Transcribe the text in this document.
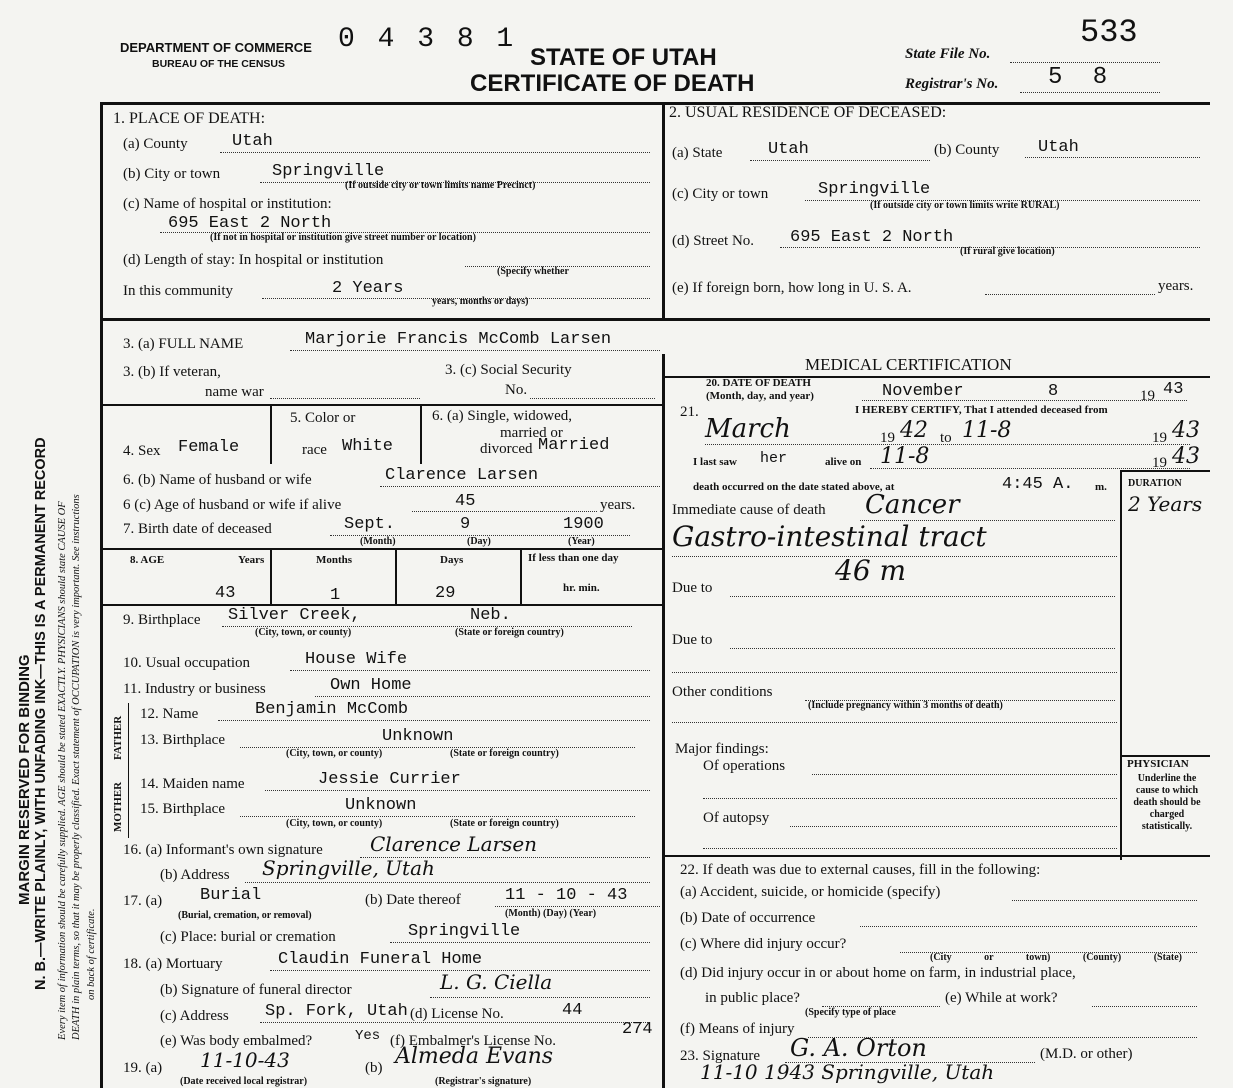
MARGIN RESERVED FOR BINDING N. B.—WRITE PLAINLY, WITH UNFADING INK—THIS IS A PERMANENT RECORD Every item of information should be carefully supplied. AGE should be stated EXACTLY. PHYSICIANS should state CAUSE OF DEATH in plain terms, so that it may be properly classified. Exact statement of OCCUPATION is very important. See instructions on back of certificate.
DEPARTMENT OF COMMERCE
BUREAU OF THE CENSUS
0 4 3 8 1
STATE OF UTAH
CERTIFICATE OF DEATH
State File No.
533
Registrar's No. 5 8
1. PLACE OF DEATH:
(a) County	Utah
(b) City or town	Springville
(If outside city or town limits name Precinct)
(c) Name of hospital or institution:
695 East 2 North
(If not in hospital or institution give street number or location)
(d) Length of stay: In hospital or institution
(Specify whether
In this community	2 Years
years, months or days)
2. USUAL RESIDENCE OF DECEASED:
(a) State	Utah	(b) County Utah
(c) City or town	Springville
(If outside city or town limits write RURAL)
(d) Street No. 695 East 2 North
(If rural give location)
(e) If foreign born, how long in U. S. A.	years.
3. (a) FULL NAME	Marjorie Francis McComb Larsen
3. (b) If veteran,
name war
3. (c) Social Security
No.
5. Color or
race White
6. (a) Single, widowed,
married or
divorced Married
4. Sex Female
6. (b) Name of husband or wife	Clarence Larsen
6 (c) Age of husband or wife if alive	45	years.
7. Birth date of deceased	Sept.	9	1900
(Month)	(Day)	(Year)
8. AGE	Years	Months	Days	If less than one day
43	1	29	hr. min.
9. Birthplace Silver Creek,	Neb.
(City, town, or county)	(State or foreign country)
10. Usual occupation	House Wife
11. Industry or business	Own Home
FATHER
MOTHER
12. Name	Benjamin McComb
13. Birthplace	Unknown
(City, town, or county)	(State or foreign country)
14. Maiden name	Jessie Currier
15. Birthplace	Unknown
(City, town, or county)	(State or foreign country)
16. (a) Informant's own signature Clarence Larsen
(b) Address Springville, Utah
17. (a) Burial
(Burial, cremation, or removal)
(b) Date thereof	11 - 10 - 43
(Month) (Day) (Year)
(c) Place: burial or cremation	Springville
18. (a) Mortuary	Claudin Funeral Home
(b) Signature of funeral director	L. G. Ciella
(c) Address Sp. Fork, Utah (d) License No.	44
(e) Was body embalmed?	Yes (f) Embalmer's License No.
274
19. (a) 11-10-43
(Date received local registrar)
(b) Almeda Evans
(Registrar's signature)
MEDICAL CERTIFICATION
20. DATE OF DEATH
(Month, day, and year)	November	8	19 43
21.	I HEREBY CERTIFY, That I attended deceased from
March	19 42 to 11-8	19 43
I last saw her	alive on 11-8	19 43
death occurred on the date stated above, at	4:45 A. m. DURATION
2 Years
Immediate cause of death Cancer
Gastro-intestinal tract
46 m
Due to
Due to
Other conditions
(Include pregnancy within 3 months of death)
Major findings:
Of operations
Of autopsy
PHYSICIAN
Underline the cause to which death should be charged statistically.
22. If death was due to external causes, fill in the following:
(a) Accident, suicide, or homicide (specify)
(b) Date of occurrence
(c) Where did injury occur?
(City or town) (County) (State)
(d) Did injury occur in or about home on farm, in industrial place,
in public place?
(Specify type of place
(e) While at work?
(f) Means of injury
23. Signature G. A. Orton	(M.D. or other)
11-10 1943 Springville, Utah
